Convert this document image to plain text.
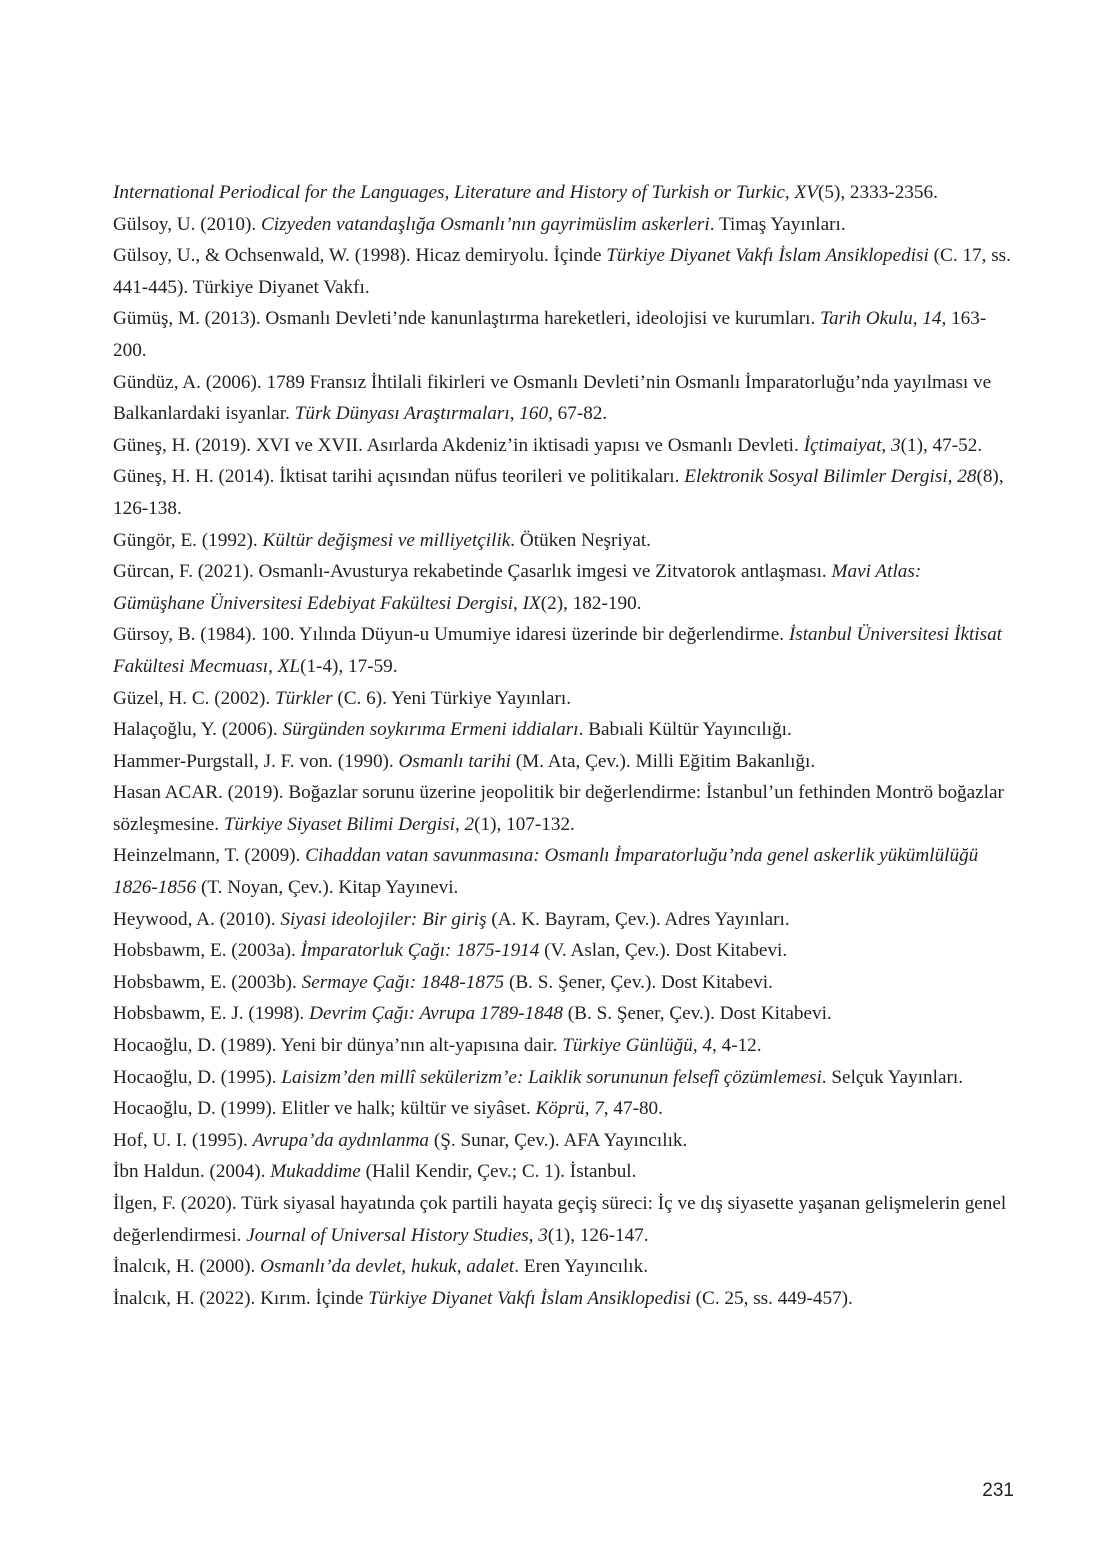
International Periodical for the Languages, Literature and History of Turkish or Turkic, XV(5), 2333-2356.

Gülsoy, U. (2010). Cizyeden vatandaşlığa Osmanlı’nın gayrimüslim askerleri. Timaş Yayınları.

Gülsoy, U., & Ochsenwald, W. (1998). Hicaz demiryolu. İçinde Türkiye Diyanet Vakfı İslam Ansiklopedisi (C. 17, ss. 441-445). Türkiye Diyanet Vakfı.

Gümüş, M. (2013). Osmanlı Devleti’nde kanunlaştırma hareketleri, ideolojisi ve kurumları. Tarih Okulu, 14, 163-200.

Gündüz, A. (2006). 1789 Fransız İhtilali fikirleri ve Osmanlı Devleti’nin Osmanlı İmparatorluğu’nda yayılması ve Balkanlardaki isyanlar. Türk Dünyası Araştırmaları, 160, 67-82.

Güneş, H. (2019). XVI ve XVII. Asırlarda Akdeniz’in iktisadi yapısı ve Osmanlı Devleti. İçtimaiyat, 3(1), 47-52.

Güneş, H. H. (2014). İktisat tarihi açısından nüfus teorileri ve politikaları. Elektronik Sosyal Bilimler Dergisi, 28(8), 126-138.

Güngör, E. (1992). Kültür değişmesi ve milliyetçilik. Ötüken Neşriyat.

Gürcan, F. (2021). Osmanlı-Avusturya rekabetinde Çasarlık imgesi ve Zitvatorok antlaşması. Mavi Atlas: Gümüşhane Üniversitesi Edebiyat Fakültesi Dergisi, IX(2), 182-190.

Gürsoy, B. (1984). 100. Yılında Düyun-u Umumiye idaresi üzerinde bir değerlendirme. İstanbul Üniversitesi İktisat Fakültesi Mecmuası, XL(1-4), 17-59.

Güzel, H. C. (2002). Türkler (C. 6). Yeni Türkiye Yayınları.

Halaçoğlu, Y. (2006). Sürgünden soykırıma Ermeni iddiaları. Babıali Kültür Yayıncılığı.

Hammer-Purgstall, J. F. von. (1990). Osmanlı tarihi (M. Ata, Çev.). Milli Eğitim Bakanlığı.

Hasan ACAR. (2019). Boğazlar sorunu üzerine jeopolitik bir değerlendirme: İstanbul’un fethinden Montrö boğazlar sözleşmesine. Türkiye Siyaset Bilimi Dergisi, 2(1), 107-132.

Heinzelmann, T. (2009). Cihaddan vatan savunmasına: Osmanlı İmparatorluğu’nda genel askerlik yükümlülüğü 1826-1856 (T. Noyan, Çev.). Kitap Yayınevi.

Heywood, A. (2010). Siyasi ideolojiler: Bir giriş (A. K. Bayram, Çev.). Adres Yayınları.

Hobsbawm, E. (2003a). İmparatorluk Çağı: 1875-1914 (V. Aslan, Çev.). Dost Kitabevi.

Hobsbawm, E. (2003b). Sermaye Çağı: 1848-1875 (B. S. Şener, Çev.). Dost Kitabevi.

Hobsbawm, E. J. (1998). Devrim Çağı: Avrupa 1789-1848 (B. S. Şener, Çev.). Dost Kitabevi.

Hocaoğlu, D. (1989). Yeni bir dünya’nın alt-yapısına dair. Türkiye Günlüğü, 4, 4-12.

Hocaoğlu, D. (1995). Laisizm’den millî sekülerizm’e: Laiklik sorununun felsefî çözümlemesi. Selçuk Yayınları.

Hocaoğlu, D. (1999). Elitler ve halk; kültür ve siyâset. Köprü, 7, 47-80.

Hof, U. I. (1995). Avrupa’da aydınlanma (Ş. Sunar, Çev.). AFA Yayıncılık.

İbn Haldun. (2004). Mukaddime (Halil Kendir, Çev.; C. 1). İstanbul.

İlgen, F. (2020). Türk siyasal hayatında çok partili hayata geçiş süreci: İç ve dış siyasette yaşanan gelişmelerin genel değerlendirmesi. Journal of Universal History Studies, 3(1), 126-147.

İnalcık, H. (2000). Osmanlı’da devlet, hukuk, adalet. Eren Yayıncılık.

İnalcık, H. (2022). Kırım. İçinde Türkiye Diyanet Vakfı İslam Ansiklopedisi (C. 25, ss. 449-457).

231
